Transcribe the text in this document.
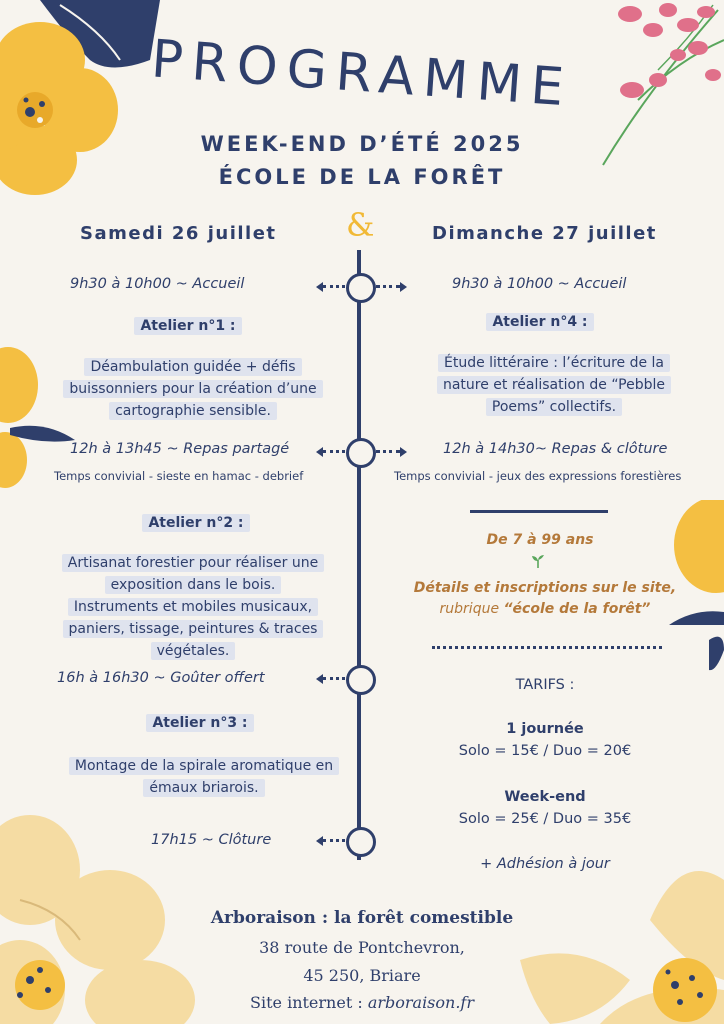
PROGRAMME
WEEK-END D’ÉTÉ 2025
ÉCOLE DE LA FORÊT
&
Samedi 26 juillet	Dimanche 27 juillet
9h30 à 10h00 ~ Accueil
Atelier n°1 :
Déambulation guidée + défis
buissonniers pour la création d’une
cartographie sensible.
12h à 13h45 ~ Repas partagé
Temps convivial - sieste en hamac - debrief
Atelier n°2 :
Artisanat forestier pour réaliser une
exposition dans le bois.
Instruments et mobiles musicaux,
paniers, tissage, peintures & traces
végétales.
16h à 16h30 ~ Goûter offert
Atelier n°3 :
Montage de la spirale aromatique en
émaux briarois.
17h15 ~ Clôture
9h30 à 10h00 ~ Accueil
Atelier n°4 :
Étude littéraire : l’écriture de la
nature et réalisation de “Pebble
Poems” collectifs.
12h à 14h30~ Repas & clôture
Temps convivial - jeux des expressions forestières
De 7 à 99 ans
Détails et inscriptions sur le site,
rubrique “école de la forêt”
TARIFS :
1 journée
Solo = 15€ / Duo = 20€
Week-end
Solo = 25€ / Duo = 35€
+ Adhésion à jour
Arboraison : la forêt comestible
38 route de Pontchevron,
45 250, Briare
Site internet : arboraison.fr
